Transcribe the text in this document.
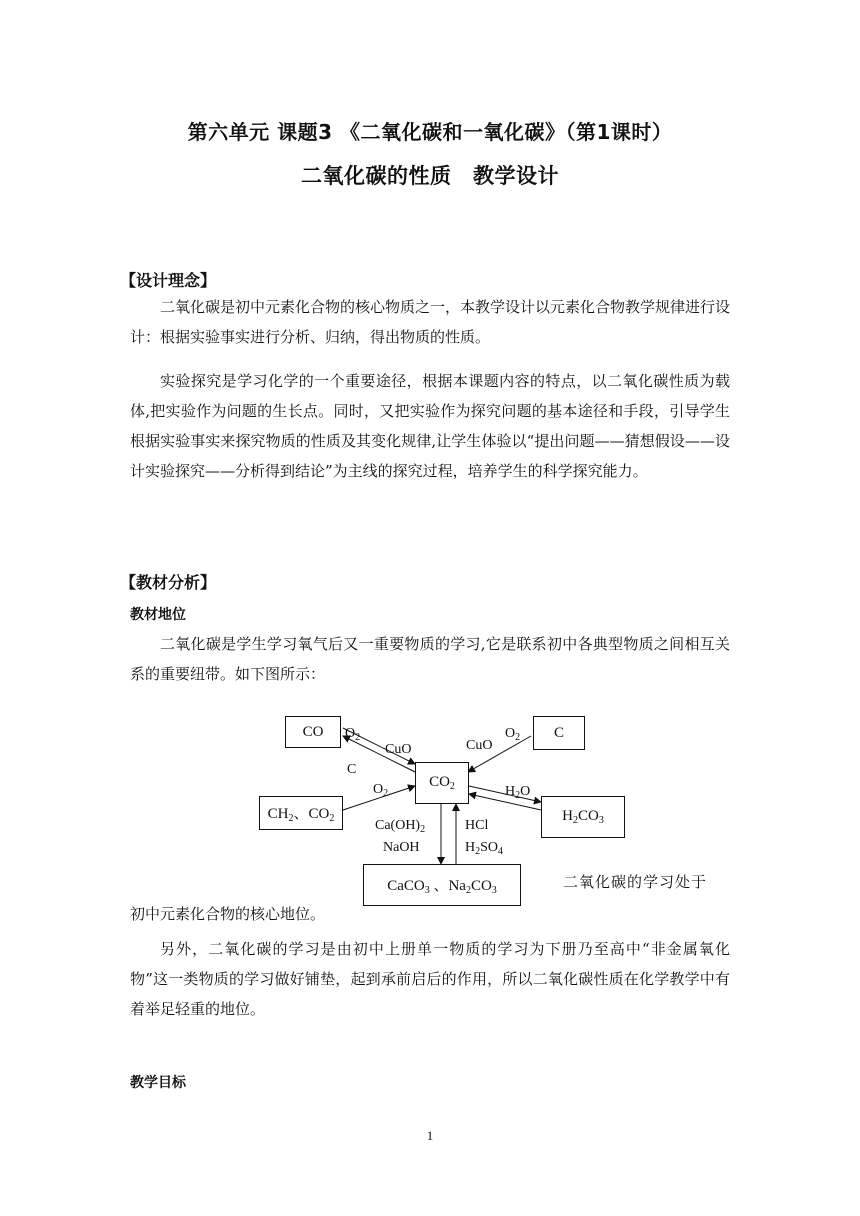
第六单元 课题3 《二氧化碳和一氧化碳》（第1课时）
二氧化碳的性质　教学设计
【设计理念】
二氧化碳是初中元素化合物的核心物质之一，本教学设计以元素化合物教学规律进行设计：根据实验事实进行分析、归纳，得出物质的性质。
实验探究是学习化学的一个重要途径，根据本课题内容的特点，以二氧化碳性质为载体,把实验作为问题的生长点。同时，又把实验作为探究问题的基本途径和手段，引导学生根据实验事实来探究物质的性质及其变化规律,让学生体验以“提出问题——猜想假设——设计实验探究——分析得到结论”为主线的探究过程，培养学生的科学探究能力。
【教材分析】
教材地位
二氧化碳是学生学习氧气后又一重要物质的学习,它是联系初中各典型物质之间相互关系的重要纽带。如下图所示：
CO	C
$CO_2$
$CH_2$、$CO_2$	$H_2CO_3$
CaCO$_3$ 、$Na_2CO_3$
$O_2$
CuO
C
CuO
$O_2$
$O_2$	$H_2O$
$Ca(OH)_2$
NaOH
HCl
$H_2SO_4$
二氧化碳的学习处于
初中元素化合物的核心地位。
另外，二氧化碳的学习是由初中上册单一物质的学习为下册乃至高中“非金属氧化物”这一类物质的学习做好铺垫，起到承前启后的作用，所以二氧化碳性质在化学教学中有着举足轻重的地位。
教学目标
1
